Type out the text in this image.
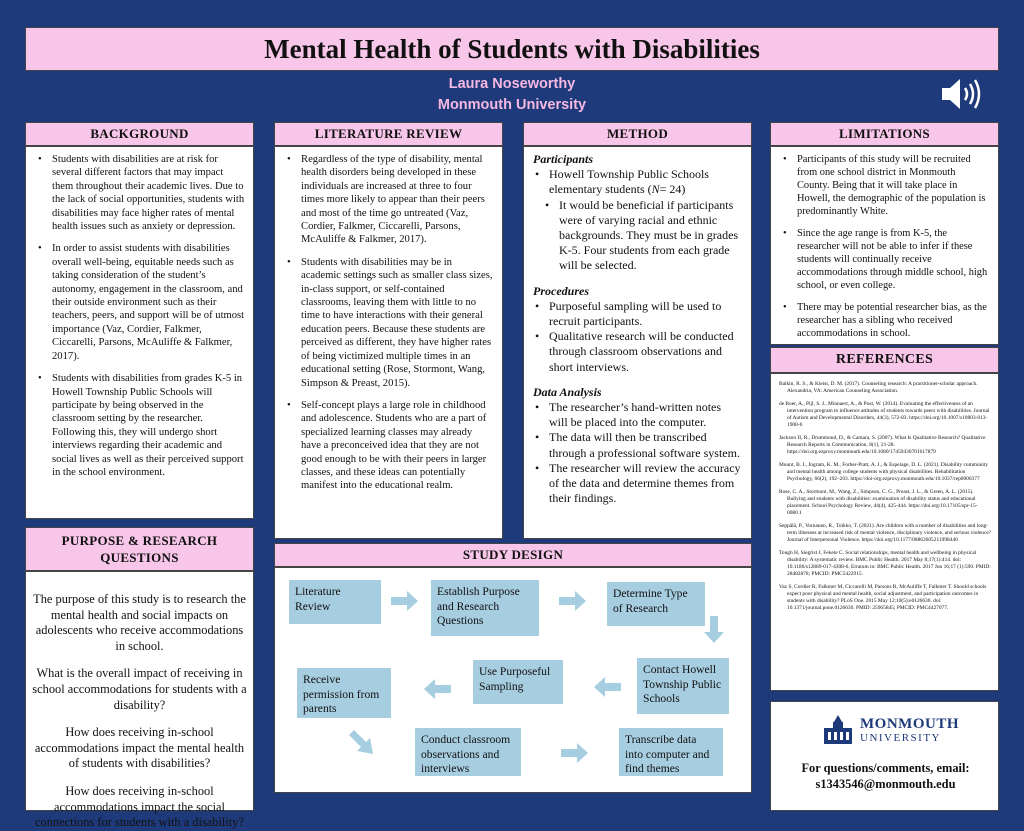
Mental Health of Students with Disabilities
Laura Noseworthy
Monmouth University
BACKGROUND
• Students with disabilities are at risk for several different factors that may impact them throughout their academic lives. Due to the lack of social opportunities, students with disabilities may face higher rates of mental health issues such as anxiety or depression.
• In order to assist students with disabilities overall well-being, equitable needs such as taking consideration of the student’s autonomy, engagement in the classroom, and their outside environment such as their teachers, peers, and support will be of utmost importance (Vaz, Cordier, Falkmer, Ciccarelli, Parsons, McAuliffe & Falkmer, 2017).
• Students with disabilities from grades K-5 in Howell Township Public Schools will participate by being observed in the classroom setting by the researcher. Following this, they will undergo short interviews regarding their academic and social lives as well as their perceived support in the school environment.
PURPOSE & RESEARCH QUESTIONS

The purpose of this study is to research the mental health and social impacts on adolescents who receive accommodations in school.

What is the overall impact of receiving in school accommodations for students with a disability?

How does receiving in-school accommodations impact the mental health of students with disabilities?

How does receiving in-school accommodations impact the social connections for students with a disability?

LITERATURE REVIEW
• Regardless of the type of disability, mental health disorders being developed in these individuals are increased at three to four times more likely to appear than their peers and most of the time go untreated (Vaz, Cordier, Falkmer, Ciccarelli, Parsons, McAuliffe & Falkmer, 2017).
• Students with disabilities may be in academic settings such as smaller class sizes, in-class support, or self-contained classrooms, leaving them with little to no time to have interactions with their general education peers. Because these students are perceived as different, they have higher rates of being victimized multiple times in an educational setting (Rose, Stormont, Wang, Simpson & Preast, 2015).
• Self-concept plays a large role in childhood and adolescence. Students who are a part of specialized learning classes may already have a preconceived idea that they are not good enough to be with their peers in larger classes, and these ideas can potentially manifest into the educational realm.
METHOD
Participants
• Howell Township Public Schools elementary students (N= 24)
• It would be beneficial if participants were of varying racial and ethnic backgrounds. They must be in grades K-5. Four students from each grade will be selected.
Procedures
• Purposeful sampling will be used to recruit participants.
• Qualitative research will be conducted through classroom observations and short interviews.
Data Analysis
• The researcher’s hand-written notes will be placed into the computer.
• The data will then be transcribed through a professional software system.
• The researcher will review the accuracy of the data and determine themes from their findings.
STUDY DESIGN
Literature Review
Establish Purpose and Research Questions
Determine Type of Research
Contact Howell Township Public Schools
Use Purposeful Sampling
Receive permission from parents
Conduct classroom observations and interviews
Transcribe data into computer and find themes
LIMITATIONS
• Participants of this study will be recruited from one school district in Monmouth County. Being that it will take place in Howell, the demographic of the population is predominantly White.
• Since the age range is from K-5, the researcher will not be able to infer if these students will continually receive accommodations through middle school, high school, or even college.
• There may be potential researcher bias, as the researcher has a sibling who received accommodations in school.
REFERENCES

Balkin, R. S., & Kleist, D. M. (2017). Counseling research: A practitioner-scholar approach. Alexandria, VA: American Counseling Association.

de Boer, A., Pijl, S. J., Minnaert, A., & Post, W. (2014). Evaluating the effectiveness of an intervention program to influence attitudes of students towards peers with disabilities. Journal of Autism and Developmental Disorders, 44(3), 572-83. https://doi.org/10.1007/s10803-013-1908-6

Jackson II, R., Drummond, D., & Camara, S. (2007). What Is Qualitative Research? Qualitative Research Reports in Communication, 8(1), 21-28. https://doi.org.ezproxy.monmouth.edu/10.1080/17459430701617879

Mount, B. J., Ingram, K. M., Forber-Pratt, A. J., & Espelage, D. L. (2021). Disability community and mental health among college students with physical disabilities. Rehabilitation Psychology, 66(2), 192–203. https://doi-org.ezproxy.monmouth.edu/10.1037/rep0000377

Rose, C. A., Stormont, M., Wang, Z., Simpson, C. G., Preast, J. L., & Green, A. L. (2015). Bullying and students with disabilities: examination of disability status and educational placement. School Psychology Review, 44(4), 425-444. https://doi.org/10.17105/spr-15-0080.1

Seppälä, P., Vornanen, R., Toikko, T. (2021). Are children with a number of disabilities and long-term illnesses at increased risk of mental violence, disciplinary violence, and serious violence? Journal of Interpersonal Violence. https://doi.org/10.1177/08862605211998440

Tough H, Siegrist J, Fekete C. Social relationships, mental health and wellbeing in physical disability: A systematic review. BMC Public Health. 2017 May 8;17(1):414. doi: 10.1186/s12889-017-4308-6. Erratum in: BMC Public Health. 2017 Jun 16;17 (1):590. PMID: 28482878; PMCID: PMC5422915.

Vaz S, Cordier R, Falkmer M, Ciccarelli M, Parsons R, McAuliffe T, Falkmer T. Should schools expect poor physical and mental health, social adjustment, and participation outcomes in students with disability? PLoS One. 2015 May 12;10(5):e0126630. doi: 10.1371/journal.pone.0126630. PMID: 25965845; PMCID: PMC4427077.

MONMOUTH
UNIVERSITY
For questions/comments, email:
s1343546@monmouth.edu
